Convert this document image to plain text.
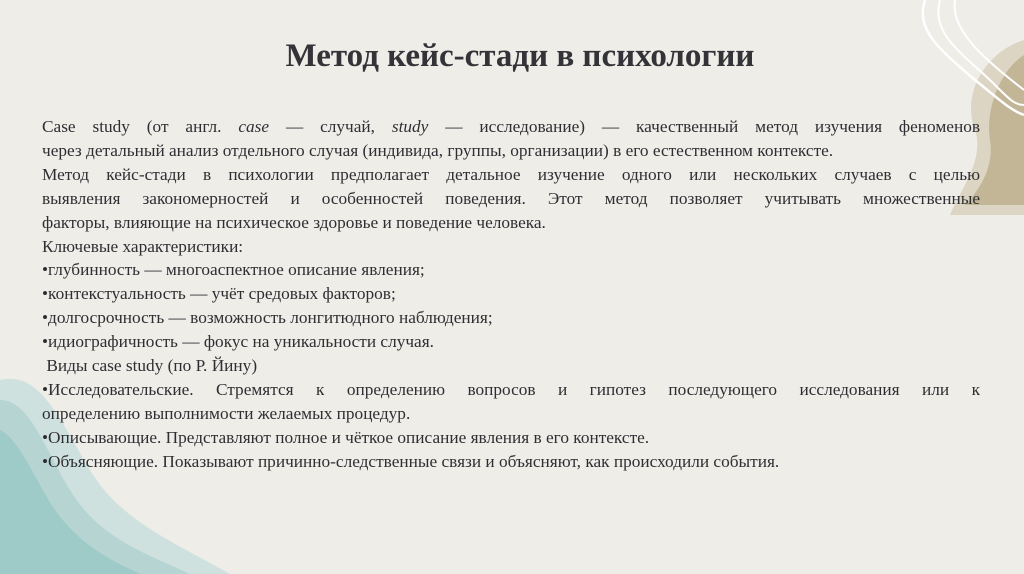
Метод кейс-стади в психологии
Case study (от англ. case — случай, study — исследование) — качественный метод изучения феноменов
через детальный анализ отдельного случая (индивида, группы, организации) в его естественном контексте.
Метод кейс-стади в психологии предполагает детальное изучение одного или нескольких случаев с целью
выявления закономерностей и особенностей поведения. Этот метод позволяет учитывать множественные
факторы, влияющие на психическое здоровье и поведение человека.
Ключевые характеристики:
•глубинность — многоаспектное описание явления;
•контекстуальность — учёт средовых факторов;
•долгосрочность — возможность лонгитюдного наблюдения;
•идиографичность — фокус на уникальности случая.
Виды case study (по Р. Йину)
•Исследовательские. Стремятся к определению вопросов и гипотез последующего исследования или к
определению выполнимости желаемых процедур.
•Описывающие. Представляют полное и чёткое описание явления в его контексте.
•Объясняющие. Показывают причинно-следственные связи и объясняют, как происходили события.
